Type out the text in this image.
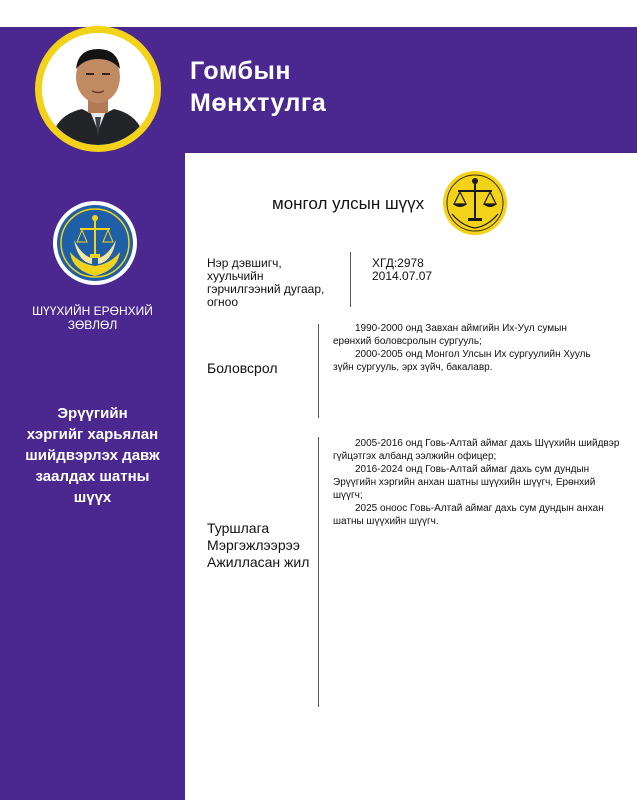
Гомбын
Мөнхтулга
ШҮҮХИЙН ЕРӨНХИЙ
ЗӨВЛӨЛ
Эрүүгийн
хэргийг харьялан
шийдвэрлэх давж
заалдах шатны
шүүх
монгол улсын шүүх
Нэр дэвшигч,
хуульчийн
гэрчилгээний дугаар,
огноо
ХГД:2978
2014.07.07
Боловсрол

1990-2000 онд Завхан аймгийн Их-Уул сумын

ерөнхий боловсролын сургууль;

2000-2005 онд Монгол Улсын Их сургуулийн Хууль

зүйн сургууль, эрх зүйч, бакалавр.

Туршлага
Мэргэжлээрээ
Ажилласан жил

2005-2016 онд Говь-Алтай аймаг дахь Шүүхийн шийдвэр

гүйцэтгэх албанд ээлжийн офицер;

2016-2024 онд Говь-Алтай аймаг дахь сум дундын

Эрүүгийн хэргийн анхан шатны шүүхийн шүүгч, Ерөнхий

шүүгч;

2025 оноос Говь-Алтай аймаг дахь сум дундын анхан

шатны шүүхийн шүүгч.
